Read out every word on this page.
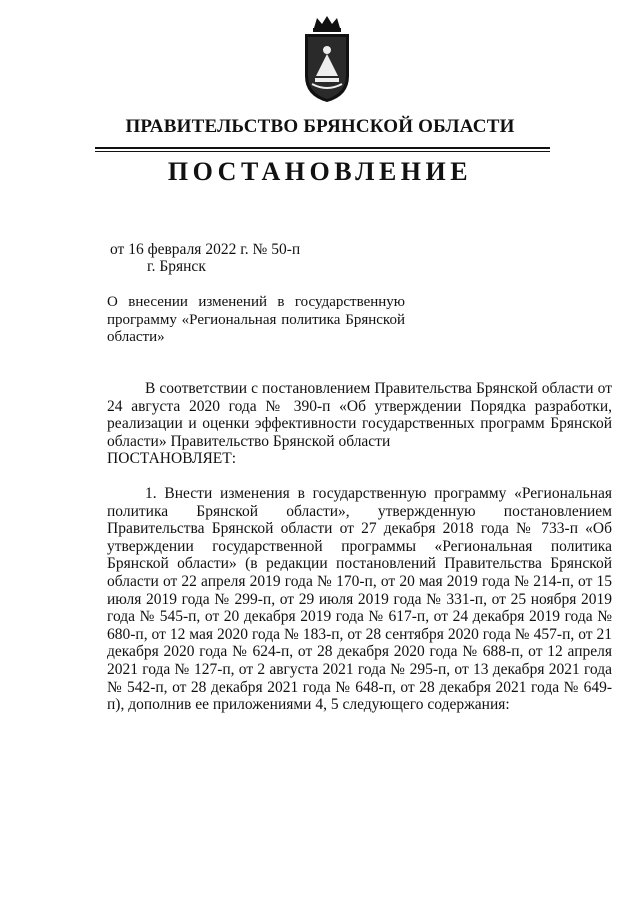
ПРАВИТЕЛЬСТВО БРЯНСКОЙ ОБЛАСТИ
ПОСТАНОВЛЕНИЕ
от 16 февраля 2022 г. № 50-п
г. Брянск
О внесении изменений в государственную программу «Региональная политика Брянской области»
В соответствии с постановлением Правительства Брянской области от 24 августа 2020 года № 390-п «Об утверждении Порядка разработки, реализации и оценки эффективности государственных программ Брянской области» Правительство Брянской области
ПОСТАНОВЛЯЕТ:
1. Внести изменения в государственную программу «Региональная политика Брянской области», утвержденную постановлением Правительства Брянской области от 27 декабря 2018 года № 733-п «Об утверждении государственной программы «Региональная политика Брянской области» (в редакции постановлений Правительства Брянской области от 22 апреля 2019 года № 170-п, от 20 мая 2019 года № 214-п, от 15 июля 2019 года № 299-п, от 29 июля 2019 года № 331-п, от 25 ноября 2019 года № 545-п, от 20 декабря 2019 года № 617-п, от 24 декабря 2019 года № 680-п, от 12 мая 2020 года № 183-п, от 28 сентября 2020 года № 457-п, от 21 декабря 2020 года № 624-п, от 28 декабря 2020 года № 688-п, от 12 апреля 2021 года № 127-п, от 2 августа 2021 года № 295-п, от 13 декабря 2021 года № 542-п, от 28 декабря 2021 года № 648-п, от 28 декабря 2021 года № 649-п), дополнив ее приложениями 4, 5 следующего содержания:
